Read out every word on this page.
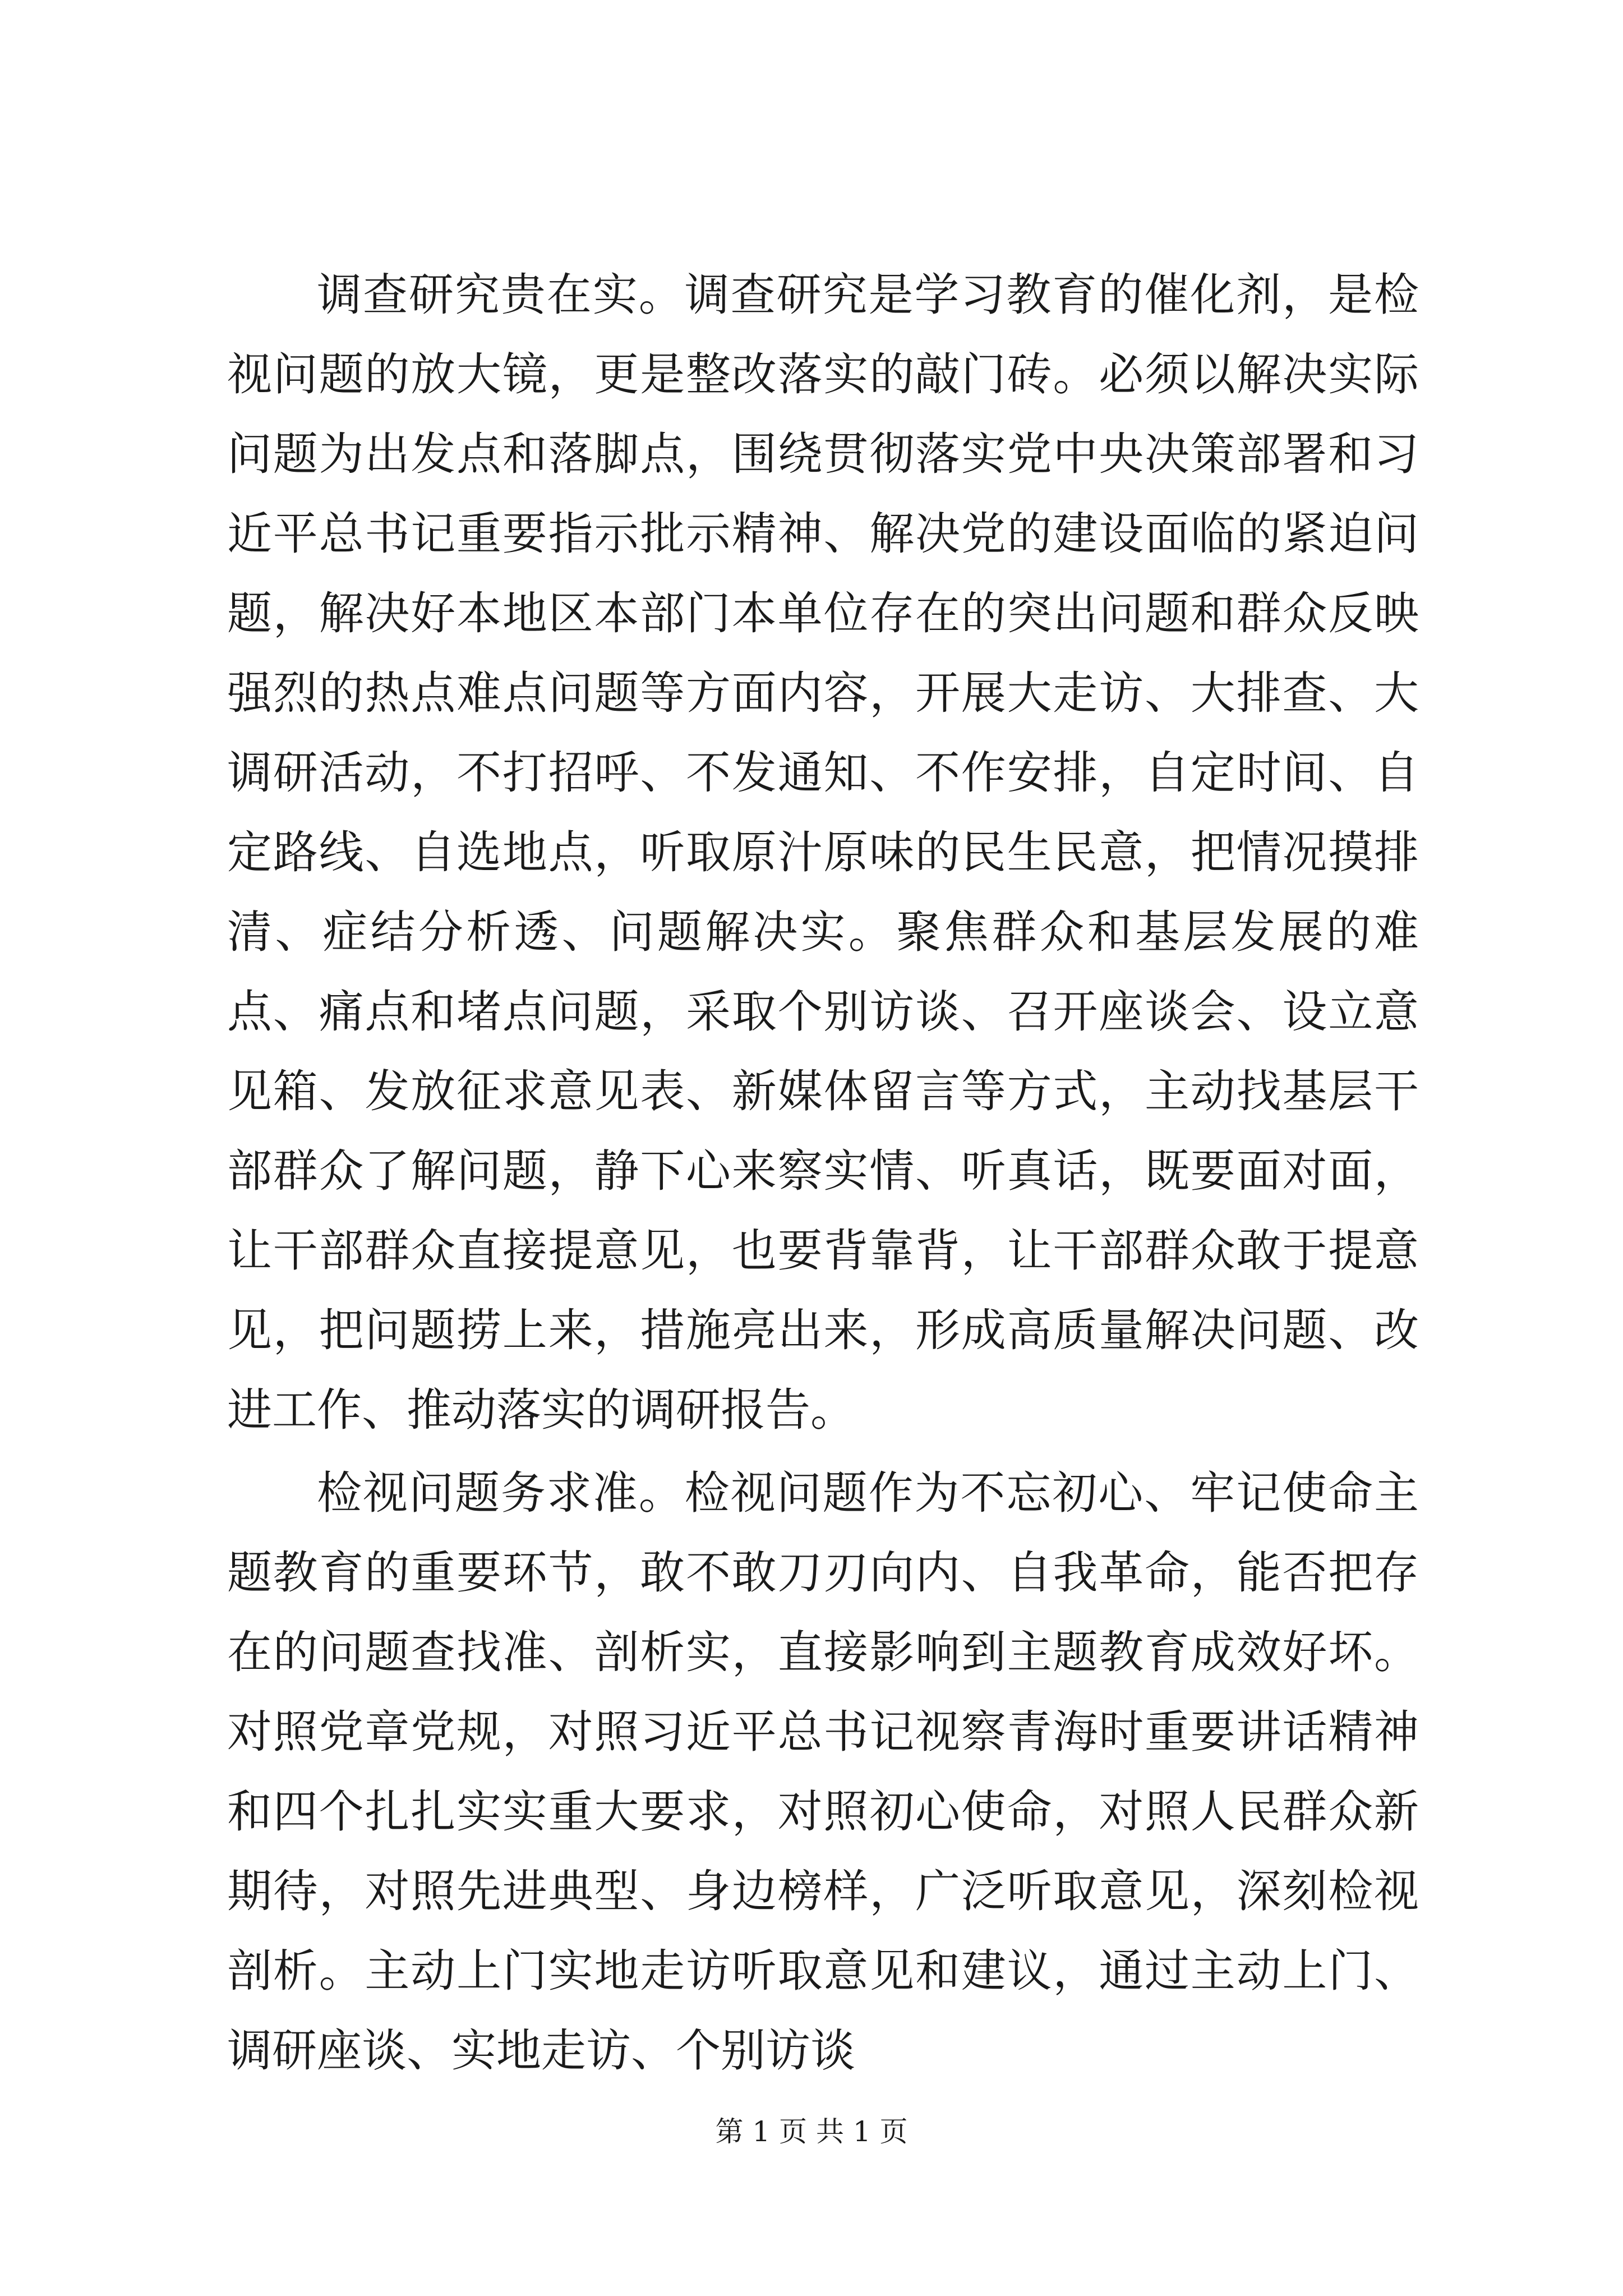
调查研究贵在实。调查研究是学习教育的催化剂，是检视问题的放大镜，更是整改落实的敲门砖。必须以解决实际问题为出发点和落脚点，围绕贯彻落实党中央决策部署和习近平总书记重要指示批示精神、解决党的建设面临的紧迫问题，解决好本地区本部门本单位存在的突出问题和群众反映强烈的热点难点问题等方面内容，开展大走访、大排查、大调研活动，不打招呼、不发通知、不作安排，自定时间、自定路线、自选地点，听取原汁原味的民生民意，把情况摸排清、症结分析透、问题解决实。聚焦群众和基层发展的难点、痛点和堵点问题，采取个别访谈、召开座谈会、设立意见箱、发放征求意见表、新媒体留言等方式，主动找基层干部群众了解问题，静下心来察实情、听真话，既要面对面，让干部群众直接提意见，也要背靠背，让干部群众敢于提意见，把问题捞上来，措施亮出来，形成高质量解决问题、改进工作、推动落实的调研报告。

检视问题务求准。检视问题作为不忘初心、牢记使命主题教育的重要环节，敢不敢刀刃向内、自我革命，能否把存在的问题查找准、剖析实，直接影响到主题教育成效好坏。对照党章党规，对照习近平总书记视察青海时重要讲话精神和四个扎扎实实重大要求，对照初心使命，对照人民群众新期待，对照先进典型、身边榜样，广泛听取意见，深刻检视剖析。主动上门实地走访听取意见和建议，通过主动上门、调研座谈、实地走访、个别访谈

第 1 页 共 1 页
